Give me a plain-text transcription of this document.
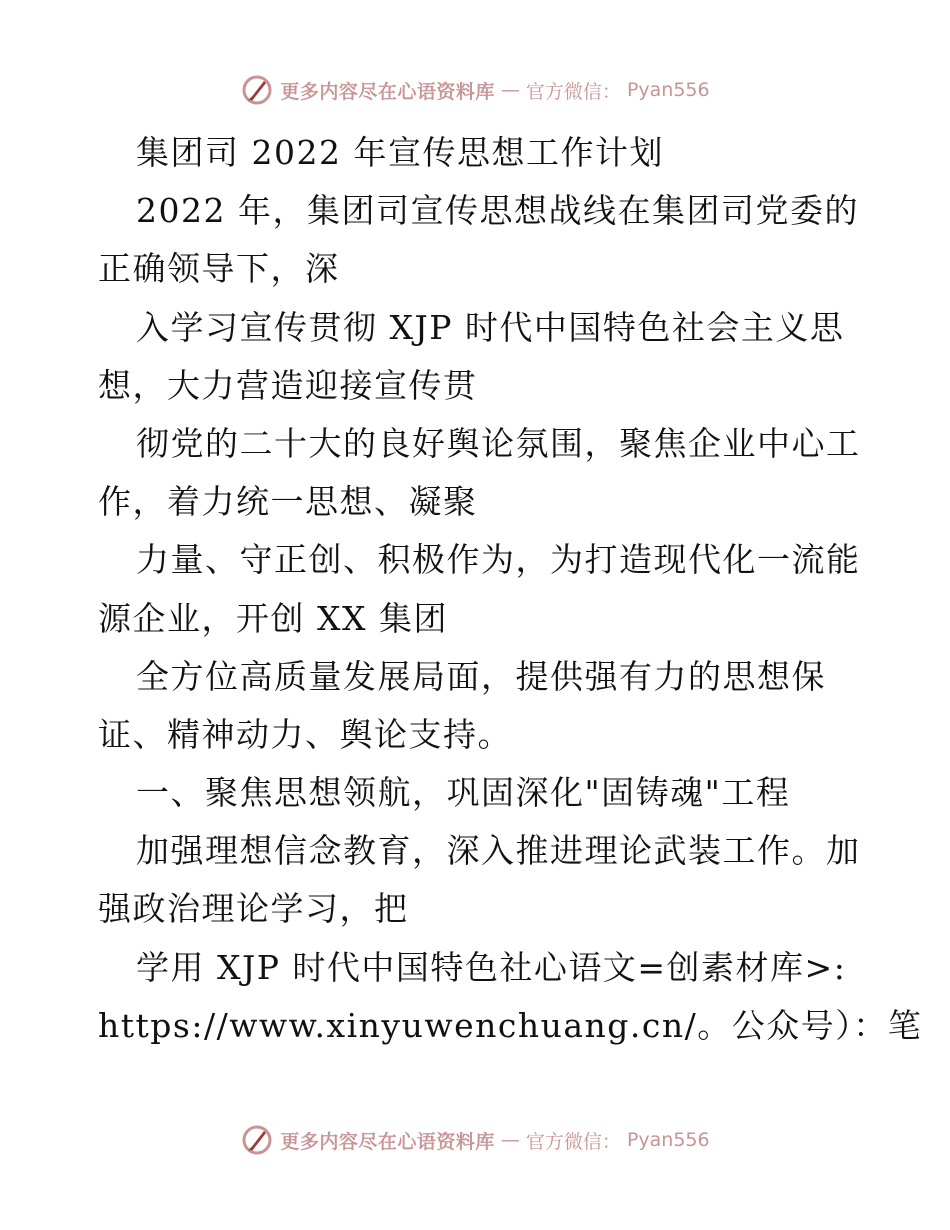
更多内容尽在心语资料库 — 官方微信： Pyan556
集团司 2022 年宣传思想工作计划
2022 年，集团司宣传思想战线在集团司党委的
正确领导下，深
入学习宣传贯彻 XJP 时代中国特色社会主义思
想，大力营造迎接宣传贯
彻党的二十大的良好舆论氛围，聚焦企业中心工
作，着力统一思想、凝聚
力量、守正创、积极作为，为打造现代化一流能
源企业，开创 XX 集团
全方位高质量发展局面，提供强有力的思想保
证、精神动力、舆论支持。
一、聚焦思想领航，巩固深化"固铸魂"工程
加强理想信念教育，深入推进理论武装工作。加
强政治理论学习，把
学用 XJP 时代中国特色社心语文=创素材库>:
https://www.xinyuwenchuang.cn/。公众号）：笔
更多内容尽在心语资料库 — 官方微信： Pyan556
